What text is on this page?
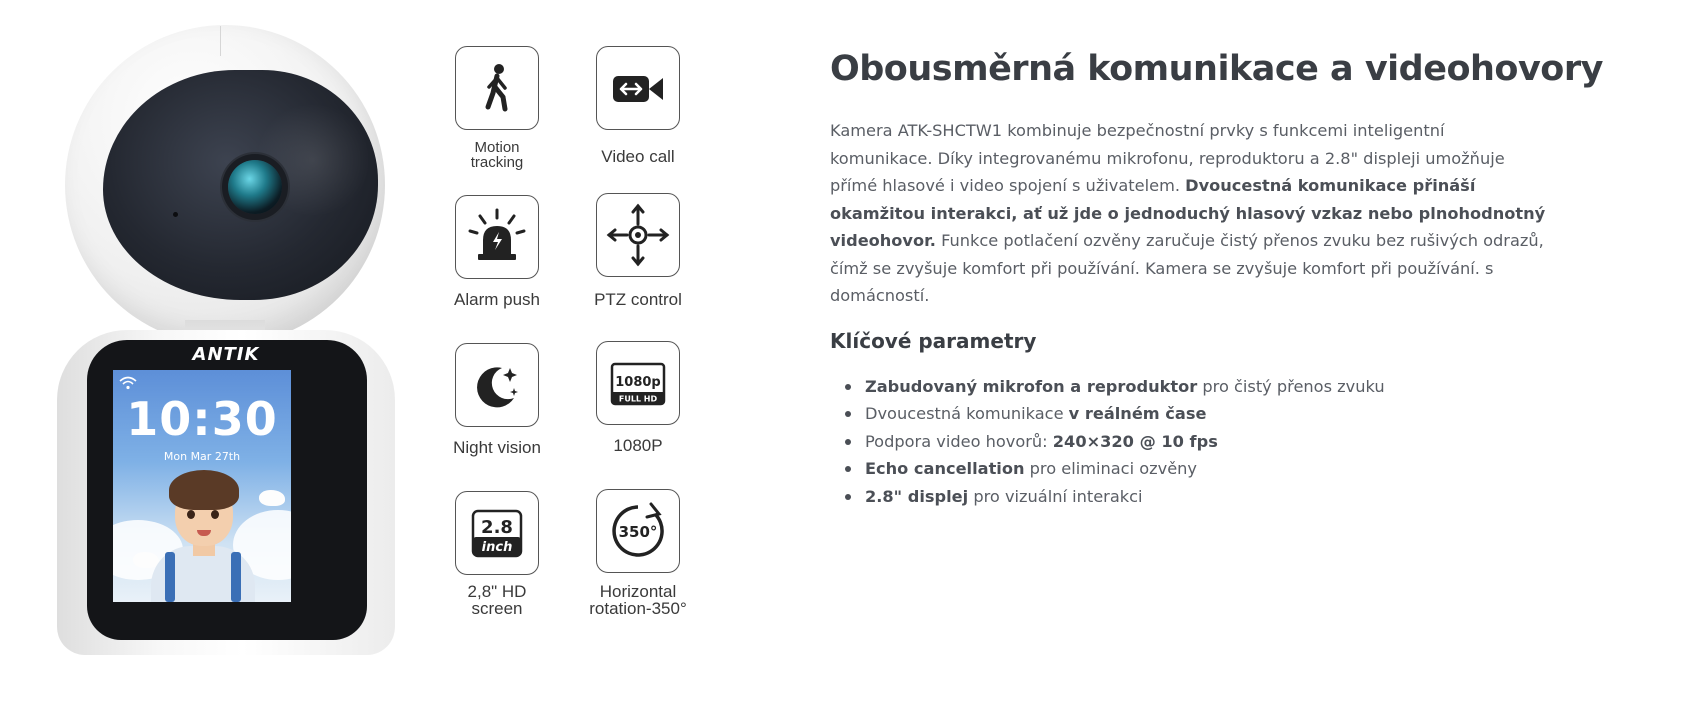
ANTIK
10:30
Mon Mar 27th
Motion
tracking	Video call
Alarm push	PTZ control
Night vision
1080p
FULL HD
1080P
2.8
inch
2,8" HD
screen
350°
Horizontal
rotation-350°
Obousměrná komunikace a videohovory

Kamera ATK-SHCTW1 kombinuje bezpečnostní prvky s funkcemi inteligentní komunikace. Díky integrovanému mikrofonu, reproduktoru a 2.8" displeji umožňuje přímé hlasové i video spojení s uživatelem. Dvoucestná komunikace přináší okamžitou interakci, ať už jde o jednoduchý hlasový vzkaz nebo plnohodnotný videohovor. Funkce potlačení ozvěny zaručuje čistý přenos zvuku bez rušivých odrazů, čímž se zvyšuje komfort při používání. Kamera se zvyšuje komfort při používání. s domácností.

Klíčové parametry
Zabudovaný mikrofon a reproduktor pro čistý přenos zvuku
Dvoucestná komunikace v reálném čase
Podpora video hovorů: 240×320 @ 10 fps
Echo cancellation pro eliminaci ozvěny
2.8" displej pro vizuální interakci
